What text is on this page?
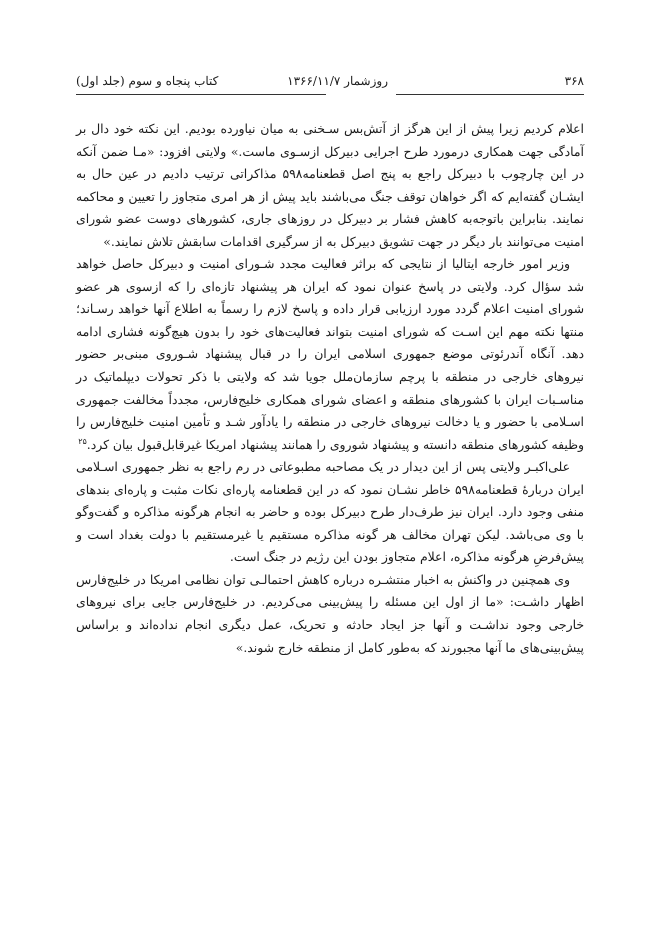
۳۶۸
روزشمار ۱۳۶۶/۱۱/۷
کتاب پنجاه و سوم (جلد اول)

اعلام کردیم زیرا پیش از این هرگز از آتش‌بس سـخنی به میان نیاورده بودیم. این نکته خود دال بر آمادگی جهت همکاری درمورد طرح اجرایی دبیرکل ازسـوی ماست.» ولایتی افزود: «مـا ضمن آنکه در این چارچوب با دبیرکل راجع به پنج اصل قطعنامه۵۹۸ مذاکراتی ترتیب دادیم در عین حال به ایشـان گفته‌ایم که اگر خواهان توقف جنگ می‌باشند باید پیش از هر امری متجاوز را تعیین و محاکمه نمایند. بنابراین باتوجه‌به کاهش فشار بر دبیرکل در روزهای جاری، کشورهای دوست عضو شورای امنیت می‌توانند بار دیگر در جهت تشویق دبیرکل به از سرگیری اقدامات سابقش تلاش نمایند.»

وزیر امور خارجه ایتالیا از نتایجی که براثر فعالیت مجدد شـورای امنیت و دبیرکل حاصل خواهد شد سؤال کرد. ولایتی در پاسخ عنوان نمود که ایران هر پیشنهاد تازه‌ای را که ازسوی هر عضو شورای امنیت اعلام گردد مورد ارزیابی قرار داده و پاسخ لازم را رسماً به اطلاع آنها خواهد رسـاند؛ منتها نکته مهم این اسـت که شورای امنیت بتواند فعالیت‌های خود را بدون هیچ‌گونه فشاری ادامه دهد. آنگاه آندرئوتی موضع جمهوری اسلامی ایران را در قبال پیشنهاد شـوروی مبنی‌بر حضور نیروهای خارجی در منطقه با پرچم سازمان‌ملل جویا شد که ولایتی با ذکر تحولات دیپلماتیک در مناسـبات ایران با کشورهای منطقه و اعضای شورای همکاری خلیج‌فارس، مجدداً مخالفت جمهوری اسـلامی با حضور و یا دخالت نیروهای خارجی در منطقه را یادآور شـد و تأمین امنیت خلیج‌فارس را وظیفه کشورهای منطقه دانسته و پیشنهاد شوروی را همانند پیشنهاد امریکا غیرقابل‌قبول بیان کرد.$^{۲۵}$

علی‌اکبـر ولایتی پس از این دیدار در یک مصاحبه مطبوعاتی در رم راجع به نظر جمهوری اسـلامی ایران دربارهٔ قطعنامه۵۹۸ خاطر نشـان نمود که در این قطعنامه پاره‌ای نکات مثبت و پاره‌ای بندهای منفی وجود دارد. ایران نیز طرف‌دار طرح دبیرکل بوده و حاضر به انجام هرگونه مذاکره و گفت‌وگو با وی می‌باشد. لیکن تهران مخالف هر گونه مذاکره مستقیم یا غیرمستقیم با دولت بغداد است و پیش‌فرضِ هرگونه مذاکره، اعلام متجاوز بودن این رژیم در جنگ است.

وی همچنین در واکنش به اخبار منتشـره درباره کاهش احتمالـی توان نظامی امریکا در خلیج‌فارس اظهار داشـت: «ما از اول این مسئله را پیش‌بینی می‌کردیم. در خلیج‌فارس جایی برای نیروهای خارجی وجود نداشـت و آنها جز ایجاد حادثه و تحریک، عمل دیگری انجام نداده‌اند و براساس پیش‌بینی‌های ما آنها مجبورند که به‌طور کامل از منطقه خارج شوند.»
